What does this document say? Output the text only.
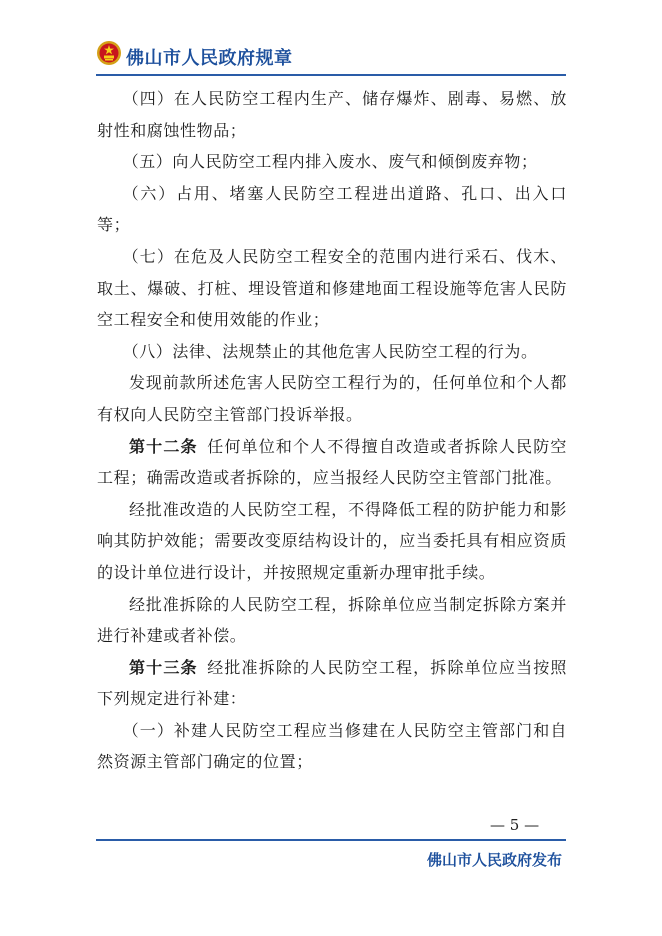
佛山市人民政府规章

（四）在人民防空工程内生产、储存爆炸、剧毒、易燃、放射性和腐蚀性物品；

（五）向人民防空工程内排入废水、废气和倾倒废弃物；

（六）占用、堵塞人民防空工程进出道路、孔口、出入口等；

（七）在危及人民防空工程安全的范围内进行采石、伐木、取土、爆破、打桩、埋设管道和修建地面工程设施等危害人民防空工程安全和使用效能的作业；

（八）法律、法规禁止的其他危害人民防空工程的行为。

发现前款所述危害人民防空工程行为的，任何单位和个人都有权向人民防空主管部门投诉举报。

第十二条 任何单位和个人不得擅自改造或者拆除人民防空工程；确需改造或者拆除的，应当报经人民防空主管部门批准。

经批准改造的人民防空工程，不得降低工程的防护能力和影响其防护效能；需要改变原结构设计的，应当委托具有相应资质的设计单位进行设计，并按照规定重新办理审批手续。

经批准拆除的人民防空工程，拆除单位应当制定拆除方案并进行补建或者补偿。

第十三条 经批准拆除的人民防空工程，拆除单位应当按照下列规定进行补建：

（一）补建人民防空工程应当修建在人民防空主管部门和自然资源主管部门确定的位置；

— 5 —
佛山市人民政府发布
